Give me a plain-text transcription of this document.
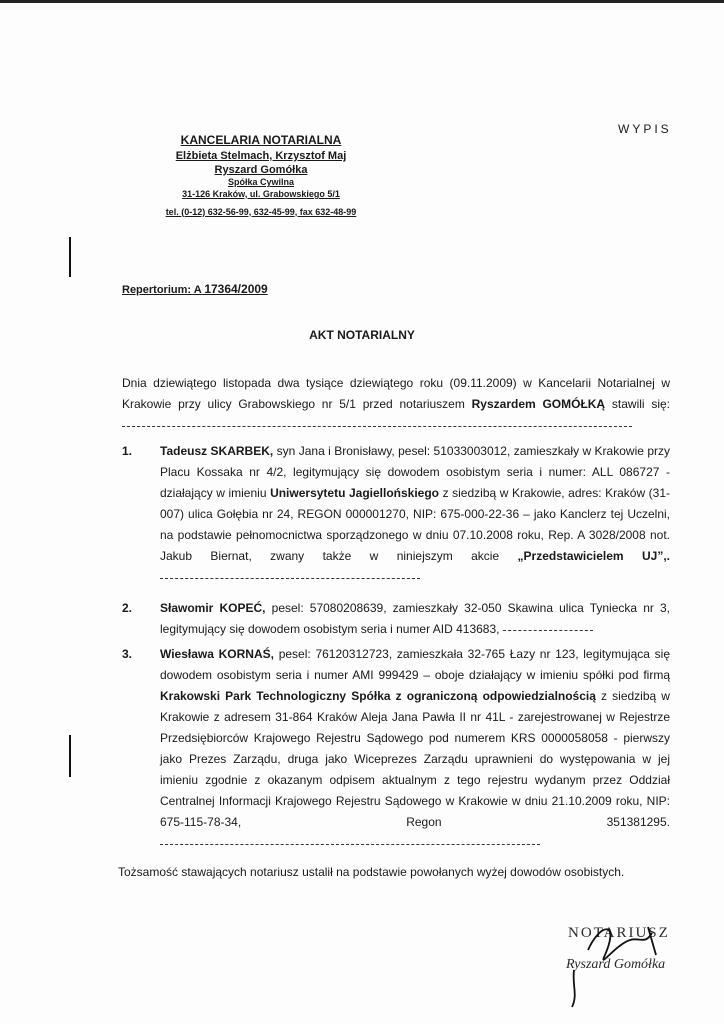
WYPIS
KANCELARIA NOTARIALNA
Elżbieta Stelmach, Krzysztof Maj
Ryszard Gomółka
Spółka Cywilna
31-126 Kraków, ul. Grabowskiego 5/1
tel. (0-12) 632-56-99, 632-45-99, fax 632-48-99
Repertorium: A 17364/2009
AKT NOTARIALNY
Dnia dziewiątego listopada dwa tysiące dziewiątego roku (09.11.2009) w Kancelarii Notarialnej w Krakowie przy ulicy Grabowskiego nr 5/1 przed notariuszem Ryszardem GOMÓŁKĄ stawili się:
1. Tadeusz SKARBEK, syn Jana i Bronisławy, pesel: 51033003012, zamieszkały w Krakowie przy Placu Kossaka nr 4/2, legitymujący się dowodem osobistym seria i numer: ALL 086727 - działający w imieniu Uniwersytetu Jagiellońskiego z siedzibą w Krakowie, adres: Kraków (31-007) ulica Gołębia nr 24, REGON 000001270, NIP: 675-000-22-36 – jako Kanclerz tej Uczelni, na podstawie pełnomocnictwa sporządzonego w dniu 07.10.2008 roku, Rep. A 3028/2008 not. Jakub Biernat, zwany także w niniejszym akcie „Przedstawicielem UJ”,.
2. Sławomir KOPEĆ, pesel: 57080208639, zamieszkały 32-050 Skawina ulica Tyniecka nr 3, legitymujący się dowodem osobistym seria i numer AID 413683,
3. Wiesława KORNAŚ, pesel: 76120312723, zamieszkała 32-765 Łazy nr 123, legitymująca się dowodem osobistym seria i numer AMI 999429 – oboje działający w imieniu spółki pod firmą Krakowski Park Technologiczny Spółka z ograniczoną odpowiedzialnością z siedzibą w Krakowie z adresem 31-864 Kraków Aleja Jana Pawła II nr 41L - zarejestrowanej w Rejestrze Przedsiębiorców Krajowego Rejestru Sądowego pod numerem KRS 0000058058 - pierwszy jako Prezes Zarządu, druga jako Wiceprezes Zarządu uprawnieni do występowania w jej imieniu zgodnie z okazanym odpisem aktualnym z tego rejestru wydanym przez Oddział Centralnej Informacji Krajowego Rejestru Sądowego w Krakowie w dniu 21.10.2009 roku, NIP: 675-115-78-34, Regon 351381295.
Tożsamość stawających notariusz ustalił na podstawie powołanych wyżej dowodów osobistych.
NOTARIUSZ
Ryszard Gomółka
